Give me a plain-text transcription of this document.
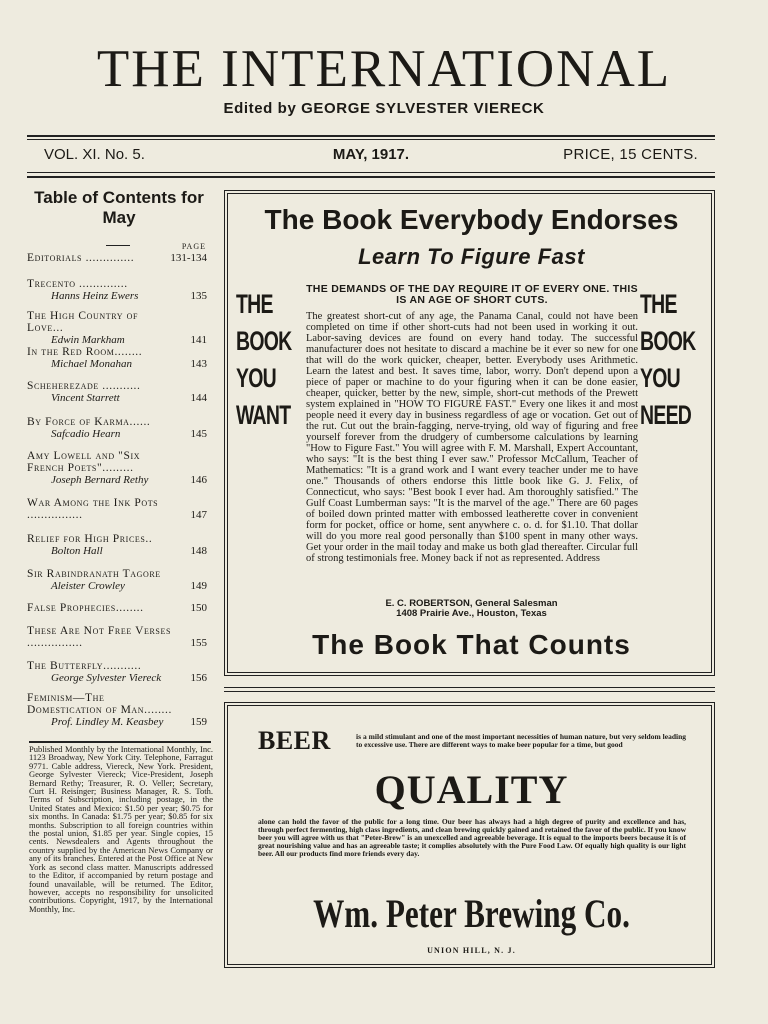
THE INTERNATIONAL
Edited by GEORGE SYLVESTER VIERECK
VOL. XI. No. 5.	MAY, 1917.	PRICE, 15 CENTS.
Table of Contents for May
PAGE
Editorials ..............	131-134
Trecento ..............
Hanns Heinz Ewers	135
The High Country of Love...
Edwin Markham	141
In the Red Room........
Michael Monahan	143
Scheherezade ...........
Vincent Starrett	144
By Force of Karma......
Safcadio Hearn	145
Amy Lowell and "Six French Poets".........
Joseph Bernard Rethy	146
War Among the Ink Pots ................	147
Relief for High Prices..
Bolton Hall	148
Sir Rabindranath Tagore
Aleister Crowley	149
False Prophecies........	150
These Are Not Free Verses ................	155
The Butterfly...........
George Sylvester Viereck	156
Feminism—The Domestication of Man........
Prof. Lindley M. Keasbey	159
Published Monthly by the International Monthly, Inc. 1123 Broadway, New York City. Telephone, Farragut 9771. Cable address, Viereck, New York. President, George Sylvester Viereck; Vice-President, Joseph Bernard Rethy; Treasurer, R. O. Veller; Secretary, Curt H. Reisinger; Business Manager, R. S. Toth. Terms of Subscription, including postage, in the United States and Mexico: $1.50 per year; $0.75 for six months. In Canada: $1.75 per year; $0.85 for six months. Subscription to all foreign countries within the postal union, $1.85 per year. Single copies, 15 cents. Newsdealers and Agents throughout the country supplied by the American News Company or any of its branches. Entered at the Post Office at New York as second class matter. Manuscripts addressed to the Editor, if accompanied by return postage and found unavailable, will be returned. The Editor, however, accepts no responsibility for unsolicited contributions. Copyright, 1917, by the International Monthly, Inc.
The Book Everybody Endorses
Learn To Figure Fast
THE
BOOK
YOU
WANT
THE
BOOK
YOU
NEED
THE DEMANDS OF THE DAY REQUIRE IT OF EVERY ONE. THIS IS AN AGE OF SHORT CUTS.
The greatest short-cut of any age, the Panama Canal, could not have been completed on time if other short-cuts had not been used in working it out. Labor-saving devices are found on every hand today. The successful manufacturer does not hesitate to discard a machine be it ever so new for one that will do the work quicker, cheaper, better. Everybody uses Arithmetic. Learn the latest and best. It saves time, labor, worry. Don't depend upon a piece of paper or machine to do your figuring when it can be done easier, cheaper, quicker, better by the new, simple, short-cut methods of the Prewett system explained in "HOW TO FIGURE FAST." Every one likes it and most people need it every day in business regardless of age or vocation. Get out of the rut. Cut out the brain-fagging, nerve-trying, old way of figuring and free yourself forever from the drudgery of cumbersome calculations by learning "How to Figure Fast." You will agree with F. M. Marshall, Expert Accountant, who says: "It is the best thing I ever saw." Professor McCallum, Teacher of Mathematics: "It is a grand work and I want every teacher under me to have one." Thousands of others endorse this little book like G. J. Felix, of Connecticut, who says: "Best book I ever had. Am thoroughly satisfied." The Gulf Coast Lumberman says: "It is the marvel of the age." There are 60 pages of boiled down printed matter with embossed leatherette cover in convenient form for pocket, office or home, sent anywhere c. o. d. for $1.10. That dollar will do you more real good personally than $100 spent in many other ways. Get your order in the mail today and make us both glad thereafter. Circular full of strong testimonials free. Money back if not as represented. Address
E. C. ROBERTSON, General Salesman
1408 Prairie Ave., Houston, Texas
The Book That Counts
BEER	is a mild stimulant and one of the most important necessities of human nature, but very seldom leading to excessive use. There are different ways to make beer popular for a time, but good
QUALITY
alone can hold the favor of the public for a long time. Our beer has always had a high degree of purity and excellence and has, through perfect fermenting, high class ingredients, and clean brewing quickly gained and retained the favor of the public. If you know beer you will agree with us that "Peter-Brew" is an unexcelled and agreeable beverage. It is equal to the imports beers because it is of great nourishing value and has an agreeable taste; it complies absolutely with the Pure Food Law. Of equally high quality is our light beer. All our products find more friends every day.
Wm. Peter Brewing Co.
UNION HILL, N. J.
